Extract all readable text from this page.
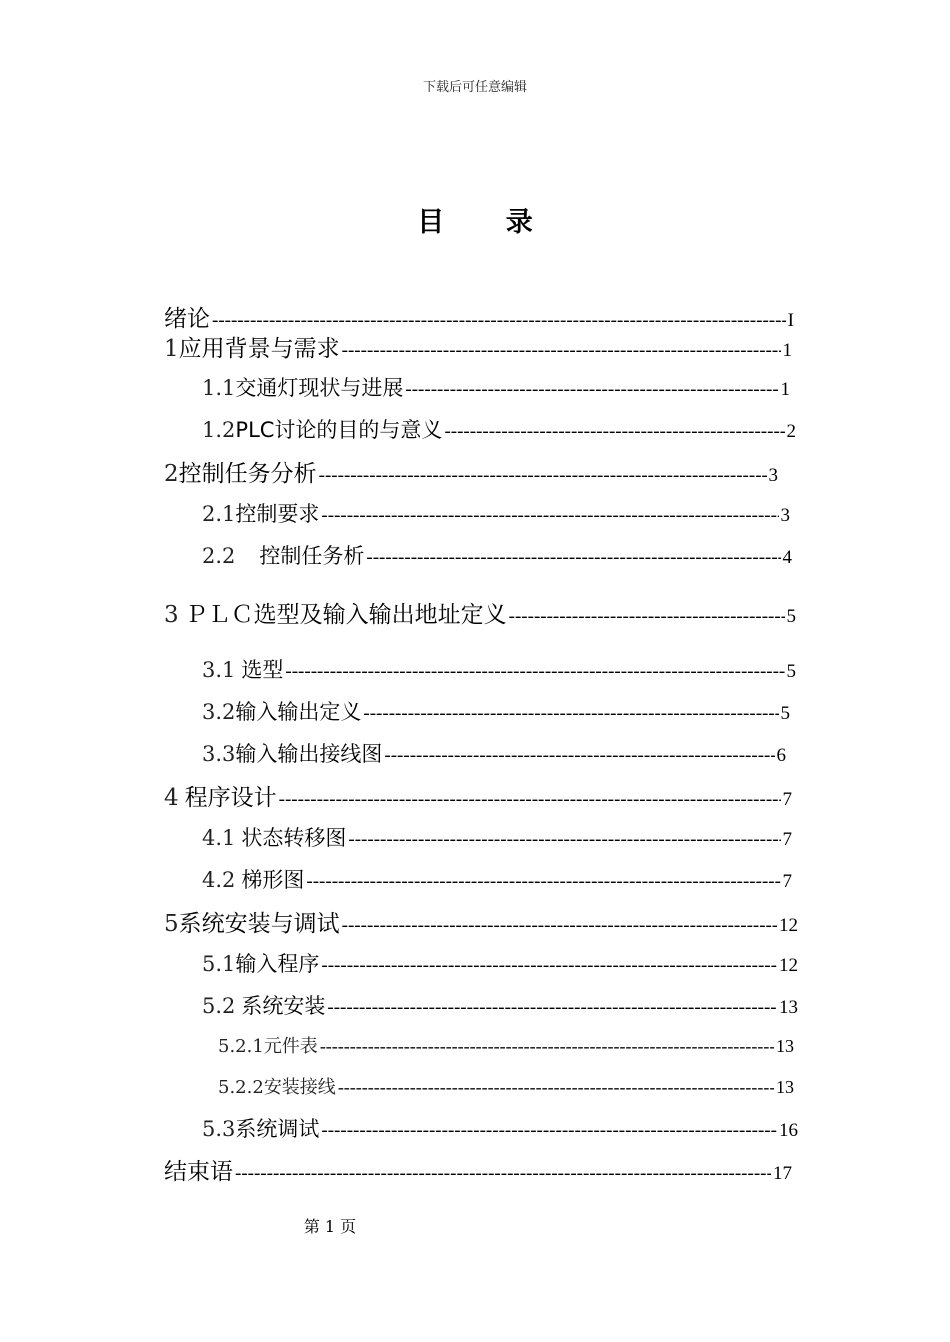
下载后可任意编辑
目 录
绪论 -----	I
1 应用背景与需求 -----	1
1.1 交通灯现状与进展 -----	1
1.2 PLC讨论的目的与意义 -----	2
2 控制任务分析 -----	3
2.1 控制要求 -----	3
2.2 控制任务析 -----	4
3 ＰＬＣ选型及输入输出地址定义 -----	5
3.1 选型 -----	5
3.2 输入输出定义 -----	5
3.3 输入输出接线图 -----	6
4 程序设计 -----	7
4.1 状态转移图 -----	7
4.2 梯形图 -----	7
5 系统安装与调试 -----	12
5.1 输入程序 -----	12
5.2 系统安装 -----	13
5.2.1 元件表 -----	13
5.2.2 安装接线 -----	13
5.3 系统调试 -----	16
结束语 -----	17
第 1 页
